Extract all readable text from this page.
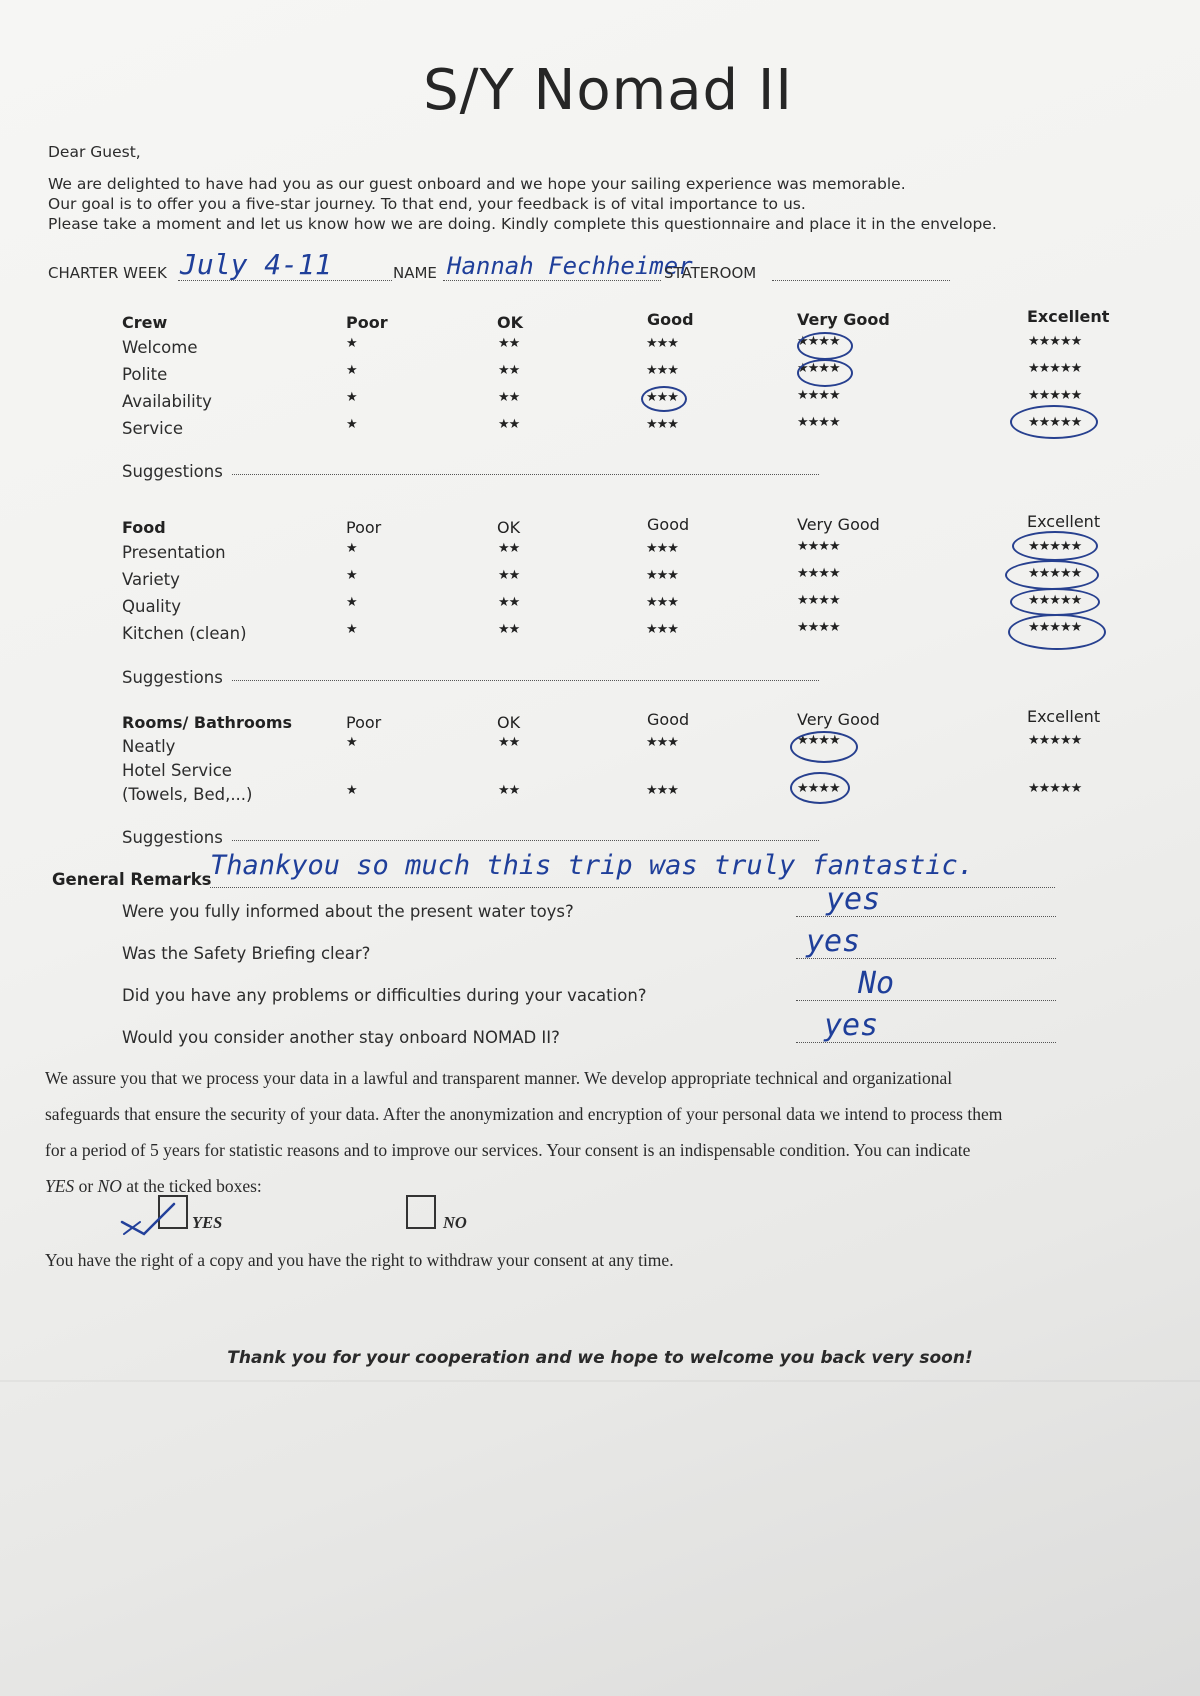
S/Y Nomad II
Dear Guest,
We are delighted to have had you as our guest onboard and we hope your sailing experience was memorable.
Our goal is to offer you a five-star journey. To that end, your feedback is of vital importance to us.
Please take a moment and let us know how we are doing. Kindly complete this questionnaire and place it in the envelope.
CHARTER WEEK July 4-11	NAME Hannah Fechheimer
STATEROOM
Crew	Poor	OK	Good	Very Good	Excellent
Welcome	★	★★	★★★	★★★★	★★★★★
Polite	★	★★	★★★	★★★★	★★★★★
Availability	★	★★	★★★	★★★★	★★★★★
Service	★	★★	★★★	★★★★	★★★★★
Suggestions
Food	Poor	OK	Good	Very Good	Excellent
Presentation	★	★★	★★★	★★★★	★★★★★
Variety	★	★★	★★★	★★★★	★★★★★
Quality	★	★★	★★★	★★★★	★★★★★
Kitchen (clean)	★	★★	★★★	★★★★	★★★★★
Suggestions
Rooms/ Bathrooms	Poor	OK	Good	Very Good	Excellent
Neatly	★	★★	★★★	★★★★	★★★★★
Hotel Service
(Towels, Bed,...)	★	★★	★★★	★★★★	★★★★★
Suggestions
General Remarks
Thankyou so much this trip was truly fantastic.
Were you fully informed about the present water toys?	yes
Was the Safety Briefing clear?	yes
Did you have any problems or difficulties during your vacation?	No
Would you consider another stay onboard NOMAD II?	yes
We assure you that we process your data in a lawful and transparent manner. We develop appropriate technical and organizational
safeguards that ensure the security of your data. After the anonymization and encryption of your personal data we intend to process them
for a period of 5 years for statistic reasons and to improve our services. Your consent is an indispensable condition. You can indicate
YES or NO at the ticked boxes:
YES	NO
You have the right of a copy and you have the right to withdraw your consent at any time.
Thank you for your cooperation and we hope to welcome you back very soon!
